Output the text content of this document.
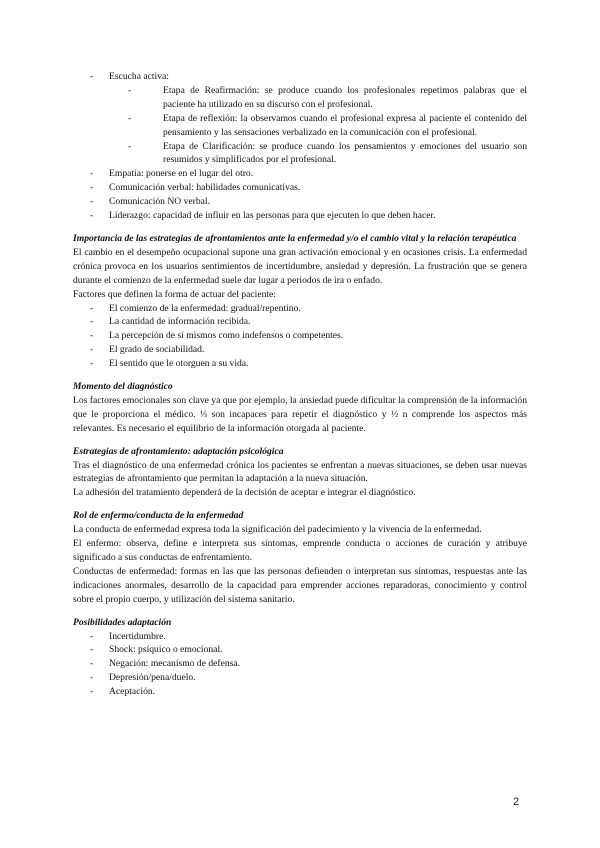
- Escucha activa:
-	Etapa de Reafirmación: se produce cuando los profesionales repetimos palabras que el paciente ha utilizado en su discurso con el profesional.
-	Etapa de reflexión: la observamos cuando el profesional expresa al paciente el contenido del pensamiento y las sensaciones verbalizado en la comunicación con el profesional.
-	Etapa de Clarificación: se produce cuando los pensamientos y emociones del usuario son resumidos y simplificados por el profesional.
- Empatía: ponerse en el lugar del otro.
- Comunicación verbal: habilidades comunicativas.
- Comunicación NO verbal.
- Liderazgo: capacidad de influir en las personas para que ejecuten lo que deben hacer.
Importancia de las estrategias de afrontamientos ante la enfermedad y/o el cambio vital y la relación terapéutica
El cambio en el desempeño ocupacional supone una gran activación emocional y en ocasiones crisis. La enfermedad crónica provoca en los usuarios sentimientos de incertidumbre, ansiedad y depresión. La frustración que se genera durante el comienzo de la enfermedad suele dar lugar a periodos de ira o enfado.
Factores que definen la forma de actuar del paciente:
- El comienzo de la enfermedad: gradual/repentino.
- La cantidad de información recibida.
- La percepción de sí mismos como indefensos o competentes.
- El grado de sociabilidad.
- El sentido que le otorguen a su vida.
Momento del diagnóstico
Los factores emocionales son clave ya que por ejemplo, la ansiedad puede dificultar la comprensión de la información que le proporciona el médico. ⅓ son incapaces para repetir el diagnóstico y ½ n comprende los aspectos más relevantes. Es necesario el equilibrio de la información otorgada al paciente.
Estrategias de afrontamiento: adaptación psicológica
Tras el diagnóstico de una enfermedad crónica los pacientes se enfrentan a nuevas situaciones, se deben usar nuevas estrategias de afrontamiento que permitan la adaptación a la nueva situación.
La adhesión del tratamiento dependerá de la decisión de aceptar e integrar el diagnóstico.
Rol de enfermo/conducta de la enfermedad
La conducta de enfermedad expresa toda la significación del padecimiento y la vivencia de la enfermedad.
El enfermo: observa, define e interpreta sus síntomas, emprende conducta o acciones de curación y atribuye significado a sus conductas de enfrentamiento.
Conductas de enfermedad: formas en las que las personas defienden o interpretan sus síntomas, respuestas ante las indicaciones anormales, desarrollo de la capacidad para emprender acciones reparadoras, conocimiento y control sobre el propio cuerpo, y utilización del sistema sanitario.
Posibilidades adaptación
- Incertidumbre.
- Shock: psíquico o emocional.
- Negación: mecanismo de defensa.
- Depresión/pena/duelo.
- Aceptación.
2
